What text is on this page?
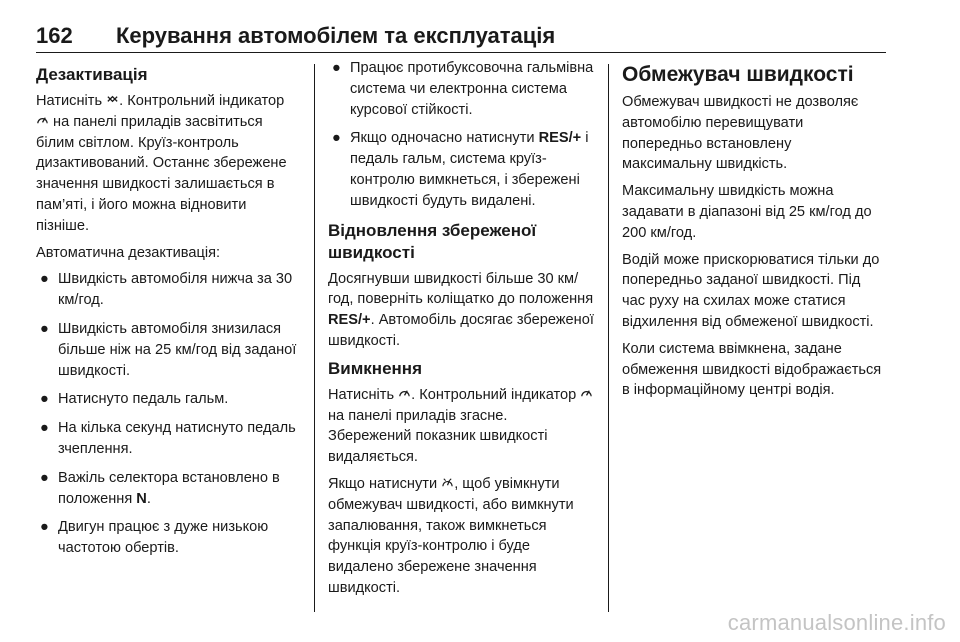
162	Керування автомобілем та експлуатація
Дезактивація

Натисніть . Контрольний індикатор  на панелі приладів засвітиться білим світлом. Круїз-контроль дизактивований. Останнє збережене значення швидкості залишається в пам’яті, і його можна відновити пізніше.

Автоматична дезактивація:

● Швидкість автомобіля нижча за 30 км/год.
● Швидкість автомобіля знизилася більше ніж на 25 км/год від заданої швидкості.
● Натиснуто педаль гальм.
● На кілька секунд натиснуто педаль зчеплення.
● Важіль селектора встановлено в положення N.
● Двигун працює з дуже низькою частотою обертів.
● Працює протибуксовочна гальмівна система чи електронна система курсової стійкості.
● Якщо одночасно натиснути RES/+ і педаль гальм, система круїз-контролю вимкнеться, і збережені швидкості будуть видалені.
Відновлення збереженої швидкості

Досягнувши швидкості більше 30 км/год, поверніть коліщатко до положення RES/+. Автомобіль досягає збереженої швидкості.

Вимкнення

Натисніть . Контрольний індикатор  на панелі приладів згасне. Збережений показник швидкості видаляється.

Якщо натиснути , щоб увімкнути обмежувач швидкості, або вимкнути запалювання, також вимкнеться функція круїз-контролю і буде видалено збережене значення швидкості.

Обмежувач швидкості

Обмежувач швидкості не дозволяє автомобілю перевищувати попередньо встановлену максимальну швидкість.

Максимальну швидкість можна задавати в діапазоні від 25 км/год до 200 км/год.

Водій може прискорюватися тільки до попередньо заданої швидкості. Під час руху на схилах може статися відхилення від обмеженої швидкості.

Коли система ввімкнена, задане обмеження швидкості відображається в інформаційному центрі водія.

carmanualsonline.info
